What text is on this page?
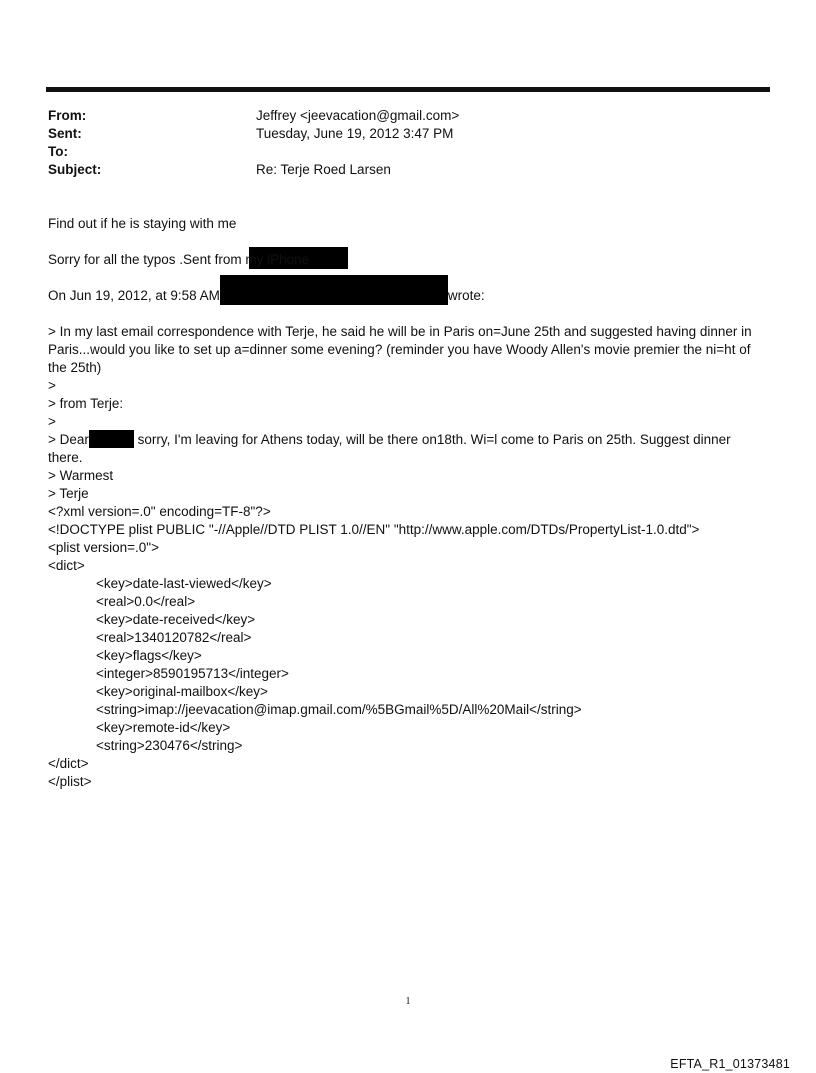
From:	Jeffrey <jeevacation@gmail.com>
Sent:	Tuesday, June 19, 2012 3:47 PM
To:
Subject:	Re: Terje Roed Larsen
Find out if he is staying with me
Sorry for all the typos .Sent from my iPhone
On Jun 19, 2012, at 9:58 AM	wrote:
> In my last email correspondence with Terje, he said he will be in Paris on=June 25th and suggested having dinner in Paris...would you like to set up a=dinner some evening? (reminder you have Woody Allen's movie premier the ni=ht of the 25th)
>
> from Terje:
>
> Dear	sorry, I'm leaving for Athens today, will be there on18th. Wi=l come to Paris on 25th. Suggest dinner
there.
> Warmest
> Terje
<?xml version=.0" encoding=TF-8"?>
<!DOCTYPE plist PUBLIC "-//Apple//DTD PLIST 1.0//EN" "http://www.apple.com/DTDs/PropertyList-1.0.dtd">
<plist version=.0">
<dict>
<key>date-last-viewed</key>
<real>0.0</real>
<key>date-received</key>
<real>1340120782</real>
<key>flags</key>
<integer>8590195713</integer>
<key>original-mailbox</key>
<string>imap://jeevacation@imap.gmail.com/%5BGmail%5D/All%20Mail</string>
<key>remote-id</key>
<string>230476</string>
</dict>
</plist>
1
EFTA_R1_01373481
